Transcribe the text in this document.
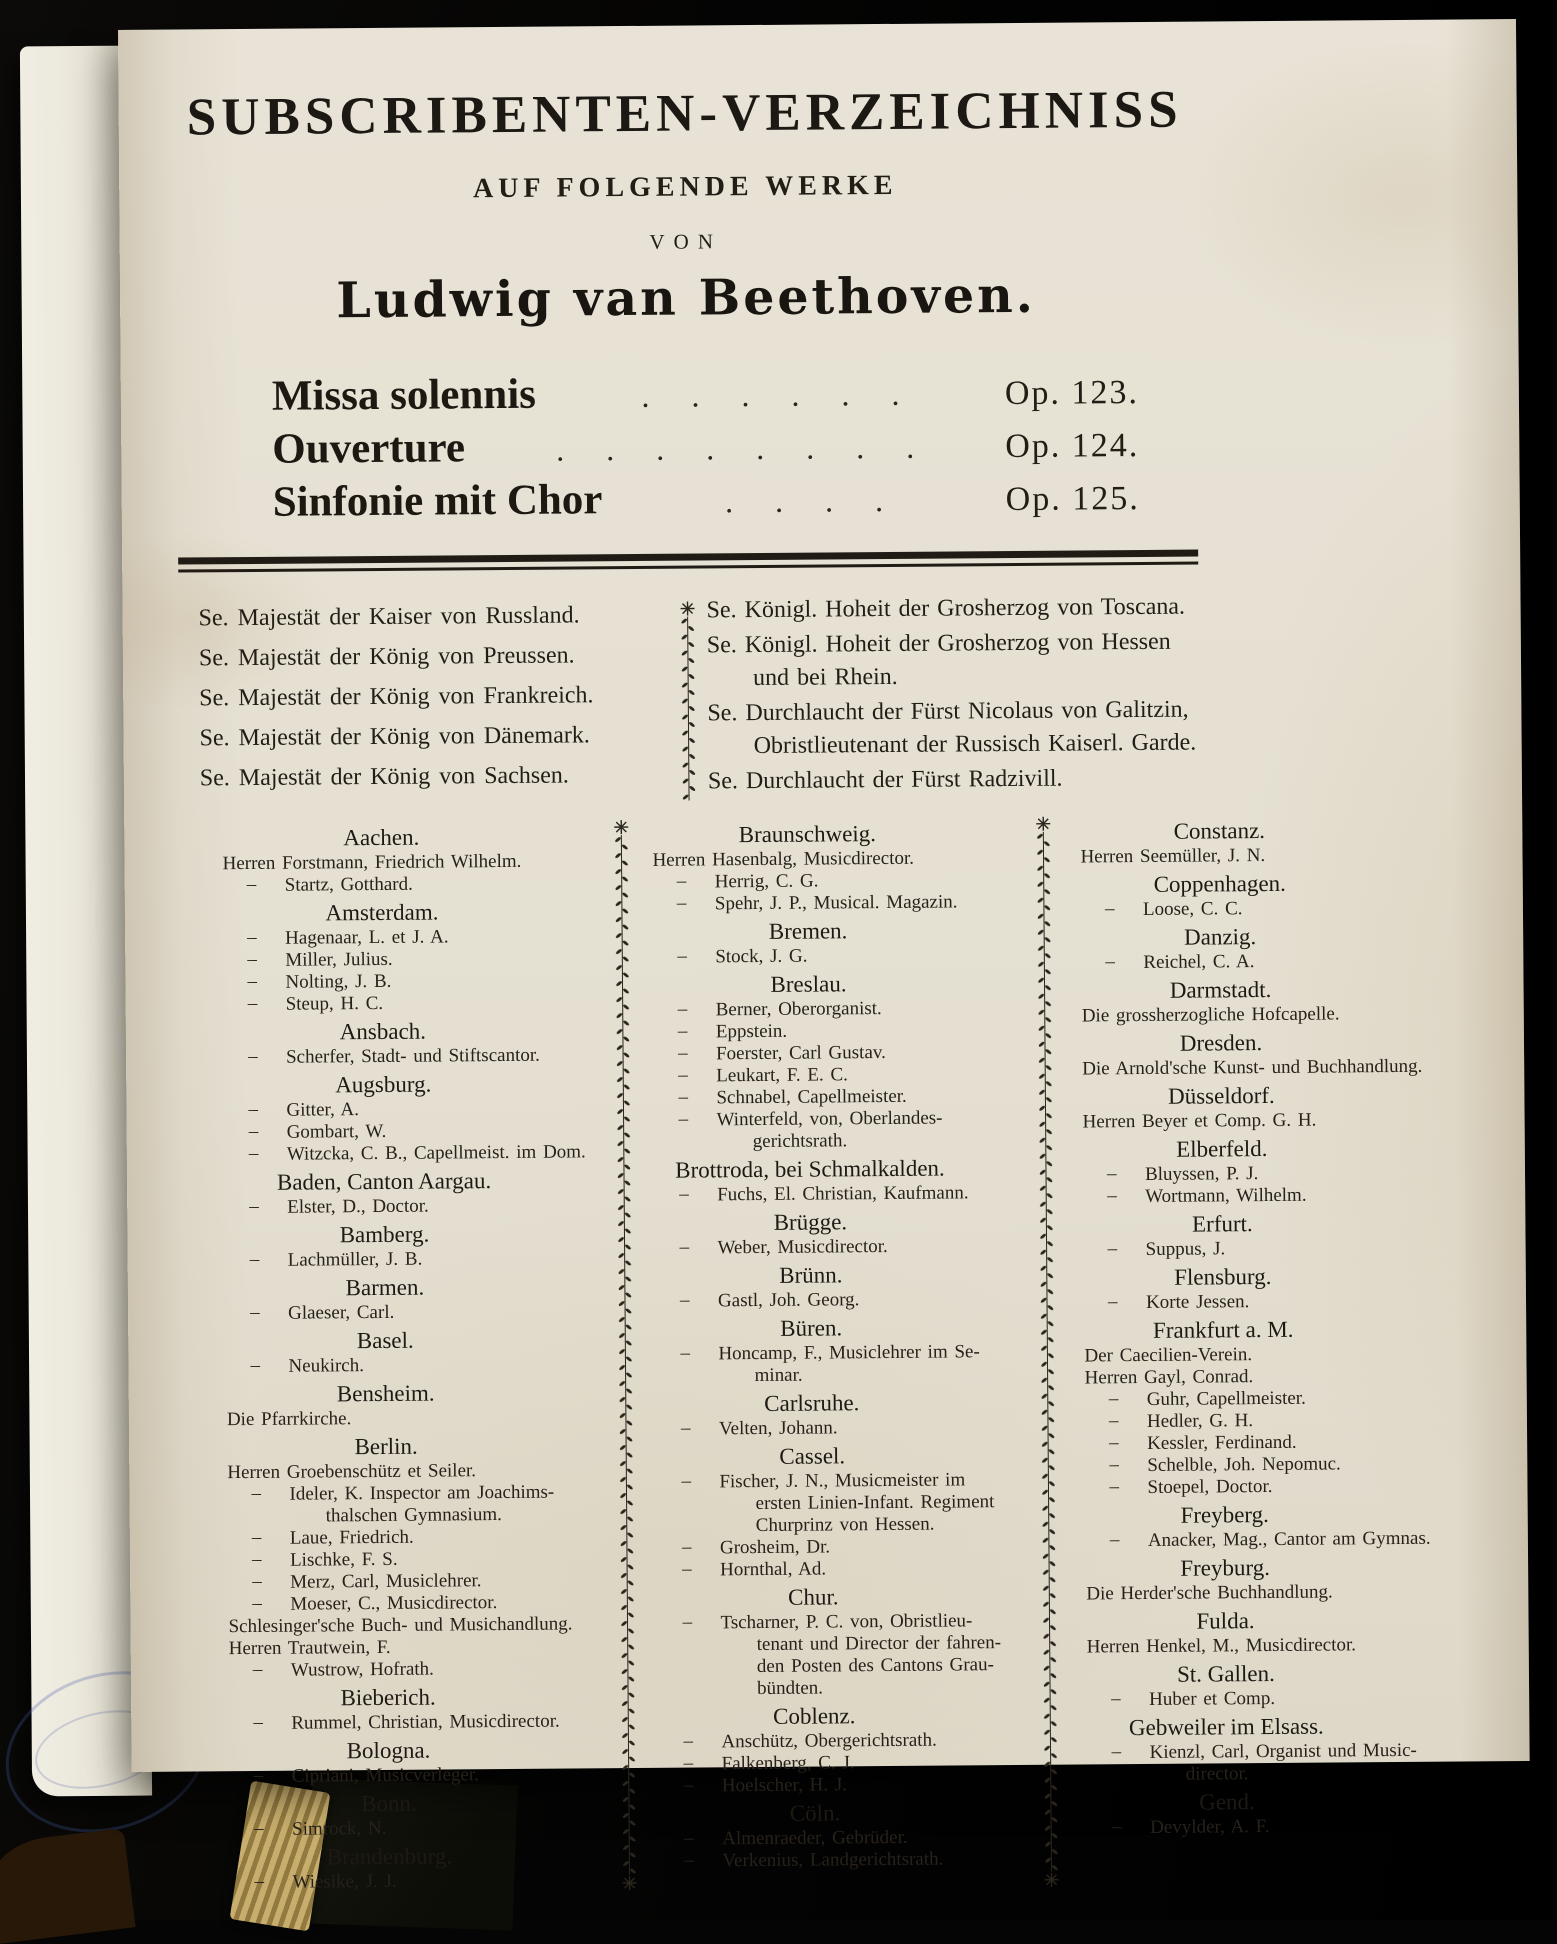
SUBSCRIBENTEN-VERZEICHNISS
AUF FOLGENDE WERKE
VON
Ludwig van Beethoven.
Missa solennis	. . . . . .	Op. 123.
Ouverture	. . . . . . . .	Op. 124.
Sinfonie mit Chor	. . . .	Op. 125.
Se. Majestät der Kaiser von Russland.
Se. Majestät der König von Preussen.
Se. Majestät der König von Frankreich.
Se. Majestät der König von Dänemark.
Se. Majestät der König von Sachsen.
Se. Königl. Hoheit der Grosherzog von Toscana.
Se. Königl. Hoheit der Grosherzog von Hessen
und bei Rhein.
Se. Durchlaucht der Fürst Nicolaus von Galitzin,
Obristlieutenant der Russisch Kaiserl. Garde.
Se. Durchlaucht der Fürst Radzivill.
Aachen.
Herren Forstmann, Friedrich Wilhelm.
– Startz, Gotthard.
Amsterdam.
– Hagenaar, L. et J. A.
– Miller, Julius.
– Nolting, J. B.
– Steup, H. C.
Ansbach.
– Scherfer, Stadt- und Stiftscantor.
Augsburg.
– Gitter, A.
– Gombart, W.
– Witzcka, C. B., Capellmeist. im Dom.
Baden, Canton Aargau.
– Elster, D., Doctor.
Bamberg.
– Lachmüller, J. B.
Barmen.
– Glaeser, Carl.
Basel.
– Neukirch.
Bensheim.
Die Pfarrkirche.
Berlin.
Herren Groebenschütz et Seiler.
– Ideler, K. Inspector am Joachims-
thalschen Gymnasium.
– Laue, Friedrich.
– Lischke, F. S.
– Merz, Carl, Musiclehrer.
– Moeser, C., Musicdirector.
Schlesinger'sche Buch- und Musichandlung.
Herren Trautwein, F.
– Wustrow, Hofrath.
Bieberich.
– Rummel, Christian, Musicdirector.
Bologna.
– Cipriani, Musicverleger.
Bonn.
– Simrock, N.
Brandenburg.
– Wiesike, J. J.
Braunschweig.
Herren Hasenbalg, Musicdirector.
– Herrig, C. G.
– Spehr, J. P., Musical. Magazin.
Bremen.
– Stock, J. G.
Breslau.
– Berner, Oberorganist.
– Eppstein.
– Foerster, Carl Gustav.
– Leukart, F. E. C.
– Schnabel, Capellmeister.
– Winterfeld, von, Oberlandes-
gerichtsrath.
Brottroda, bei Schmalkalden.
– Fuchs, El. Christian, Kaufmann.
Brügge.
– Weber, Musicdirector.
Brünn.
– Gastl, Joh. Georg.
Büren.
– Honcamp, F., Musiclehrer im Se-
minar.
Carlsruhe.
– Velten, Johann.
Cassel.
– Fischer, J. N., Musicmeister im
ersten Linien-Infant. Regiment
Churprinz von Hessen.
– Grosheim, Dr.
– Hornthal, Ad.
Chur.
– Tscharner, P. C. von, Obristlieu-
tenant und Director der fahren-
den Posten des Cantons Grau-
bündten.
Coblenz.
– Anschütz, Obergerichtsrath.
– Falkenberg, C. J.
– Hoelscher, H. J.
Cöln.
– Almenraeder, Gebrüder.
– Verkenius, Landgerichtsrath.
Constanz.
Herren Seemüller, J. N.
Coppenhagen.
– Loose, C. C.
Danzig.
– Reichel, C. A.
Darmstadt.
Die grossherzogliche Hofcapelle.
Dresden.
Die Arnold'sche Kunst- und Buchhandlung.
Düsseldorf.
Herren Beyer et Comp. G. H.
Elberfeld.
– Bluyssen, P. J.
– Wortmann, Wilhelm.
Erfurt.
– Suppus, J.
Flensburg.
– Korte Jessen.
Frankfurt a. M.
Der Caecilien-Verein.
Herren Gayl, Conrad.
– Guhr, Capellmeister.
– Hedler, G. H.
– Kessler, Ferdinand.
– Schelble, Joh. Nepomuc.
– Stoepel, Doctor.
Freyberg.
– Anacker, Mag., Cantor am Gymnas.
Freyburg.
Die Herder'sche Buchhandlung.
Fulda.
Herren Henkel, M., Musicdirector.
St. Gallen.
– Huber et Comp.
Gebweiler im Elsass.
– Kienzl, Carl, Organist und Music-
director.
Gend.
– Devylder, A. F.
